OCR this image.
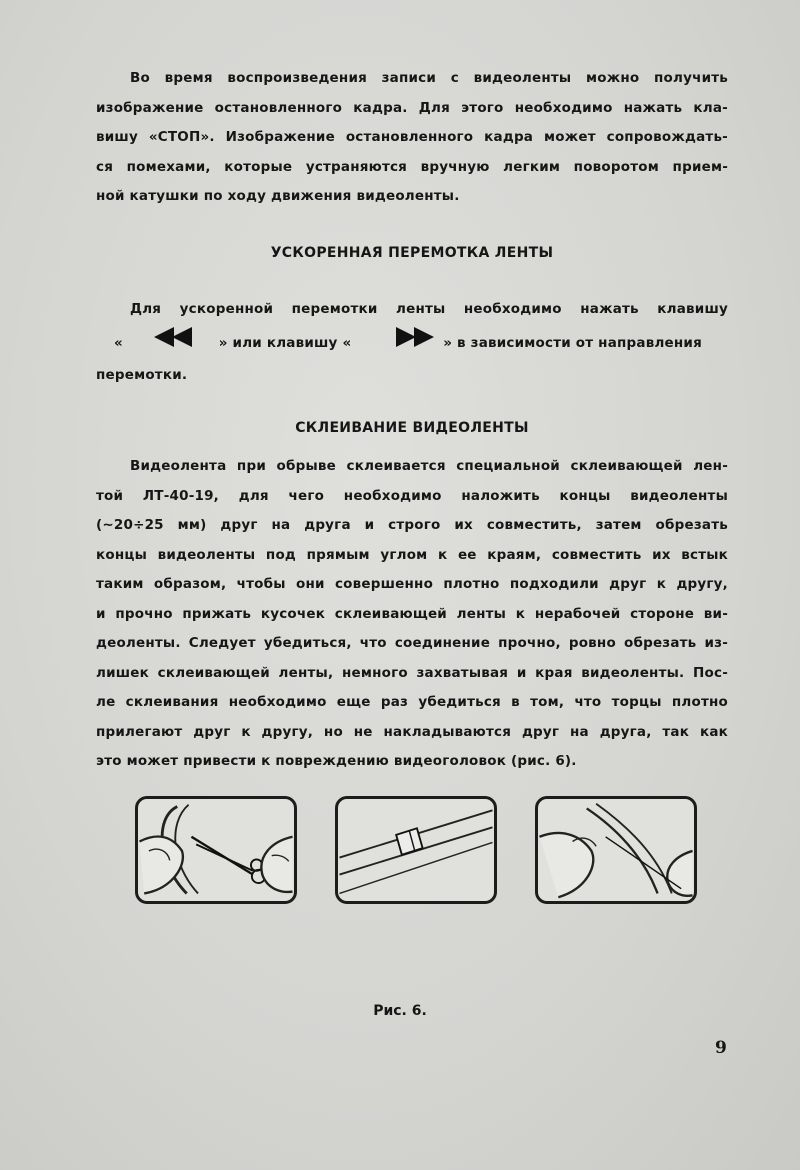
Во время воспроизведения записи с видеоленты можно получить
изображение остановленного кадра. Для этого необходимо нажать кла-
вишу «СТОП». Изображение остановленного кадра может сопровождать-
ся помехами, которые устраняются вручную легким поворотом прием-
ной катушки по ходу движения видеоленты.
УСКОРЕННАЯ ПЕРЕМОТКА ЛЕНТЫ
Для ускоренной перемотки ленты необходимо нажать клавишу
«	» или клавишу «	» в зависимости от направления
перемотки.
СКЛЕИВАНИЕ ВИДЕОЛЕНТЫ
Видеолента при обрыве склеивается специальной склеивающей лен-
той ЛТ-40-19, для чего необходимо наложить концы видеоленты
(∼20÷25 мм) друг на друга и строго их совместить, затем обрезать
концы видеоленты под прямым углом к ее краям, совместить их встык
таким образом, чтобы они совершенно плотно подходили друг к другу,
и прочно прижать кусочек склеивающей ленты к нерабочей стороне ви-
деоленты. Следует убедиться, что соединение прочно, ровно обрезать из-
лишек склеивающей ленты, немного захватывая и края видеоленты. Пос-
ле склеивания необходимо еще раз убедиться в том, что торцы плотно
прилегают друг к другу, но не накладываются друг на друга, так как
это может привести к повреждению видеоголовок (рис. 6).
Рис. 6.
9
